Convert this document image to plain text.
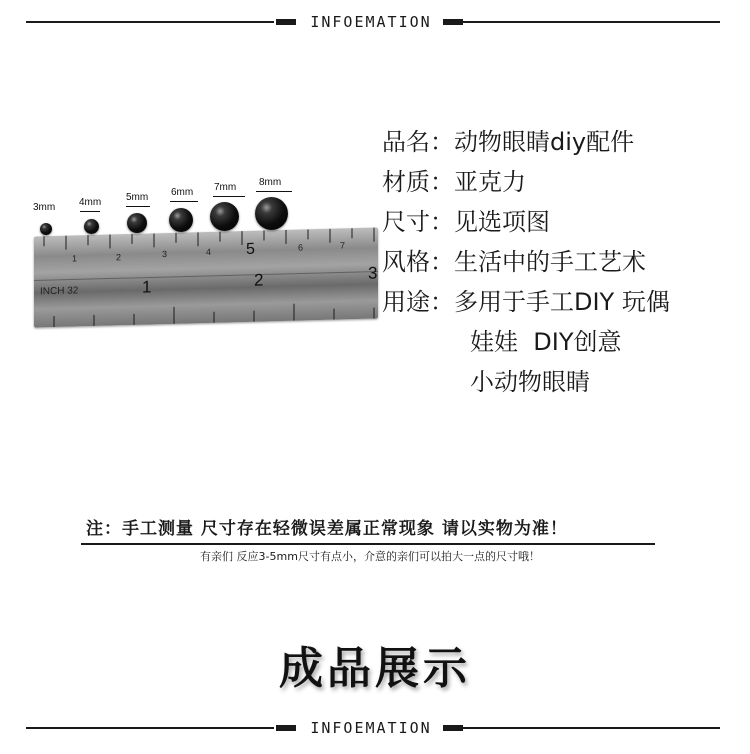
INFOEMATION
1	2	3	4 5	6	7
INCH 32	1	2	3
3mm 4mm 5mm 6mm 7mm 8mm
品名：动物眼睛diy配件
材质：亚克力
尺寸：见选项图
风格：生活中的手工艺术
用途：多用于手工DIY 玩偶
娃娃  DIY创意
小动物眼睛
注：手工测量 尺寸存在轻微误差属正常现象 请以实物为准！
有亲们 反应3-5mm尺寸有点小，介意的亲们可以拍大一点的尺寸哦！
成品展示
INFOEMATION
